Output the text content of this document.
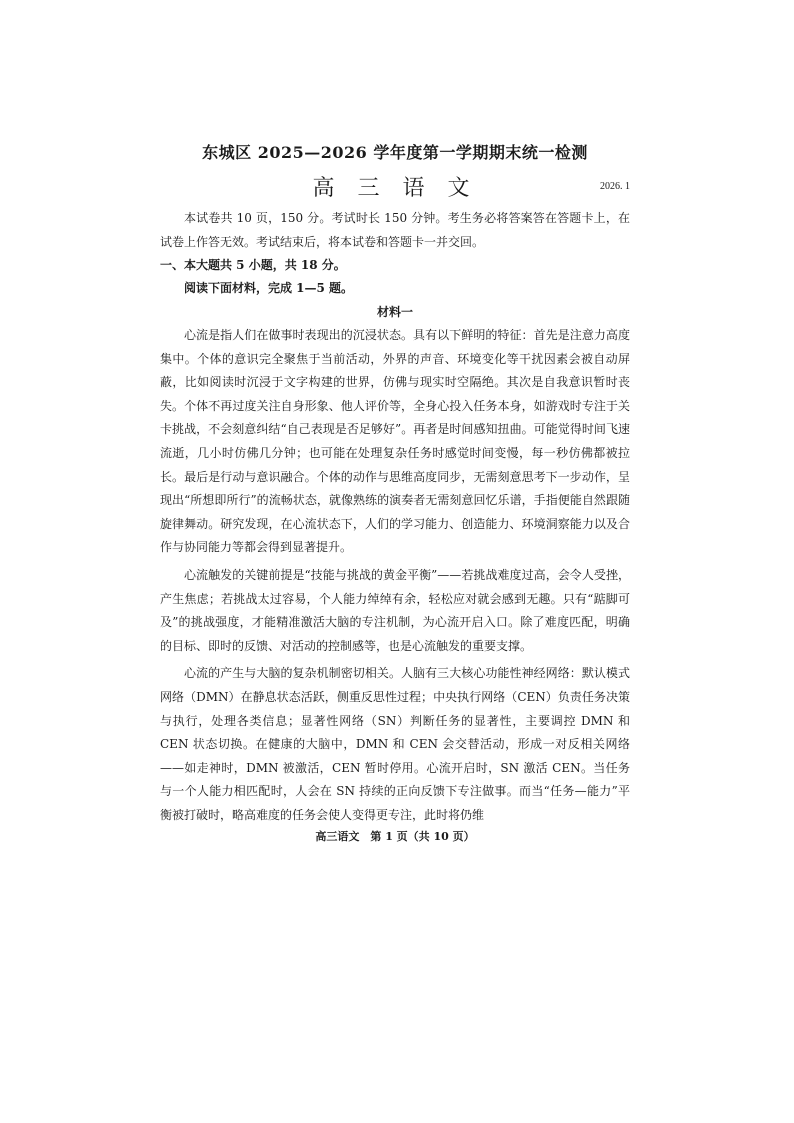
东城区 2025—2026 学年度第一学期期末统一检测
高 三 语 文	2026. 1

本试卷共 10 页，150 分。考试时长 150 分钟。考生务必将答案答在答题卡上，在试卷上作答无效。考试结束后，将本试卷和答题卡一并交回。

一、本大题共 5 小题，共 18 分。

阅读下面材料，完成 1—5 题。

材料一

心流是指人们在做事时表现出的沉浸状态。具有以下鲜明的特征：首先是注意力高度集中。个体的意识完全聚焦于当前活动，外界的声音、环境变化等干扰因素会被自动屏蔽，比如阅读时沉浸于文字构建的世界，仿佛与现实时空隔绝。其次是自我意识暂时丧失。个体不再过度关注自身形象、他人评价等，全身心投入任务本身，如游戏时专注于关卡挑战，不会刻意纠结“自己表现是否足够好”。再者是时间感知扭曲。可能觉得时间飞速流逝，几小时仿佛几分钟；也可能在处理复杂任务时感觉时间变慢，每一秒仿佛都被拉长。最后是行动与意识融合。个体的动作与思维高度同步，无需刻意思考下一步动作，呈现出“所想即所行”的流畅状态，就像熟练的演奏者无需刻意回忆乐谱，手指便能自然跟随旋律舞动。研究发现，在心流状态下，人们的学习能力、创造能力、环境洞察能力以及合作与协同能力等都会得到显著提升。

心流触发的关键前提是“技能与挑战的黄金平衡”——若挑战难度过高，会令人受挫，产生焦虑；若挑战太过容易，个人能力绰绰有余，轻松应对就会感到无趣。只有“踮脚可及”的挑战强度，才能精准激活大脑的专注机制，为心流开启入口。除了难度匹配，明确的目标、即时的反馈、对活动的控制感等，也是心流触发的重要支撑。

心流的产生与大脑的复杂机制密切相关。人脑有三大核心功能性神经网络：默认模式网络（DMN）在静息状态活跃，侧重反思性过程；中央执行网络（CEN）负责任务决策与执行，处理各类信息；显著性网络（SN）判断任务的显著性，主要调控 DMN 和 CEN 状态切换。在健康的大脑中，DMN 和 CEN 会交替活动，形成一对反相关网络——如走神时，DMN 被激活，CEN 暂时停用。心流开启时，SN 激活 CEN。当任务与一个人能力相匹配时，人会在 SN 持续的正向反馈下专注做事。而当“任务—能力”平衡被打破时，略高难度的任务会使人变得更专注，此时将仍维

高三语文　第 1 页（共 10 页）
